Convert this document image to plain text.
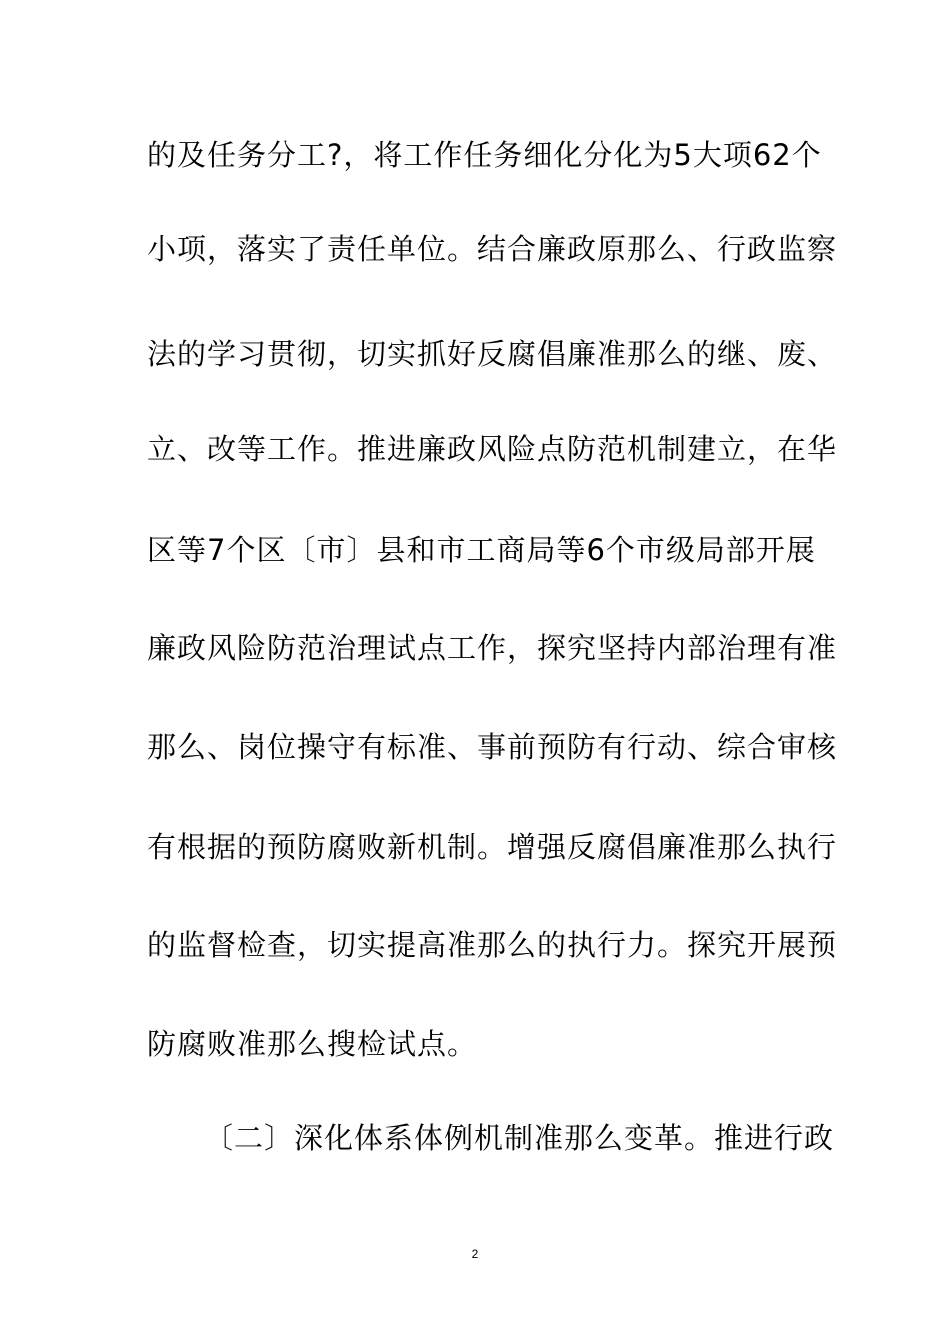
的及任务分工?，将工作任务细化分化为5大项62个
小项，落实了责任单位。结合廉政原那么、行政监察
法的学习贯彻，切实抓好反腐倡廉准那么的继、废、
立、改等工作。推进廉政风险点防范机制建立，在华
区等7个区〔市〕县和市工商局等6个市级局部开展
廉政风险防范治理试点工作，探究坚持内部治理有准
那么、岗位操守有标准、事前预防有行动、综合审核
有根据的预防腐败新机制。增强反腐倡廉准那么执行
的监督检查，切实提高准那么的执行力。探究开展预
防腐败准那么搜检试点。
〔二〕深化体系体例机制准那么变革。推进行政
2
